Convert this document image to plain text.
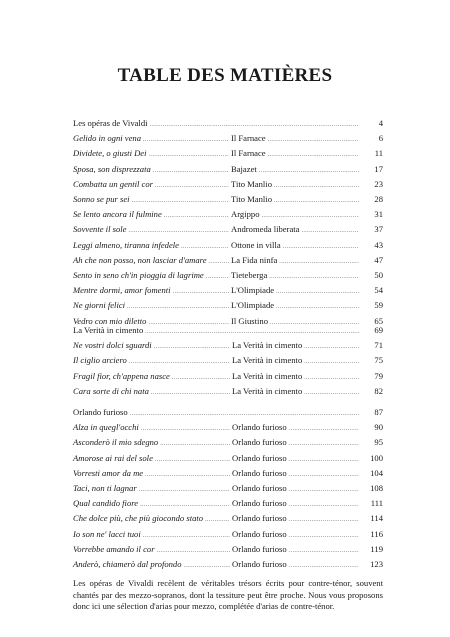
TABLE DES MATIÈRES
Les opéras de Vivaldi .....	4
Gelido in ogni vena .....	Il Farnace .....	6
Dividete, o giusti Dei .....	Il Farnace .....	11
Sposa, son disprezzata .....	Bajazet .....	17
Combatta un gentil cor .....	Tito Manlio .....	23
Sonno se pur sei .....	Tito Manlio .....	28
Se lento ancora il fulmine .....	Argippo .....	31
Sovvente il sole .....	Andromeda liberata .....	37
Leggi almeno, tiranna infedele .....	Ottone in villa .....	43
Ah che non posso, non lasciar d'amare .....	La Fida ninfa .....	47
Sento in seno ch'in pioggia di lagrime .....	Tieteberga .....	50
Mentre dormi, amor fomenti .....	L'Olimpiade .....	54
Ne giorni felici .....	L'Olimpiade .....	59
Vedro con mio diletto .....	Il Giustino .....	65
La Verità in cimento .....	69
Ne vostri dolci sguardi .....	La Verità in cimento .....	71
Il ciglio arciero .....	La Verità in cimento .....	75
Fragil fior, ch'appena nasce .....	La Verità in cimento .....	79
Cara sorte di chi nata .....	La Verità in cimento .....	82
Orlando furioso .....	87
Alza in quegl'occhi .....	Orlando furioso .....	90
Asconderò il mio sdegno .....	Orlando furioso .....	95
Amorose ai rai del sole .....	Orlando furioso .....	100
Vorresti amor da me .....	Orlando furioso .....	104
Taci, non ti lagnar .....	Orlando furioso .....	108
Qual candido fiore .....	Orlando furioso .....	111
Che dolce più, che più giocondo stato .....	Orlando furioso .....	114
Io son ne' lacci tuoi .....	Orlando furioso .....	116
Vorrebbe amando il cor .....	Orlando furioso .....	119
Anderò, chiamerò dal profondo .....	Orlando furioso .....	123
Les opéras de Vivaldi recèlent de véritables trésors écrits pour contre-ténor, souvent chantés par des mezzo-sopranos, dont la tessiture peut être proche. Nous vous proposons donc ici une sélection d'arias pour mezzo, complétée d'arias de contre-ténor.
